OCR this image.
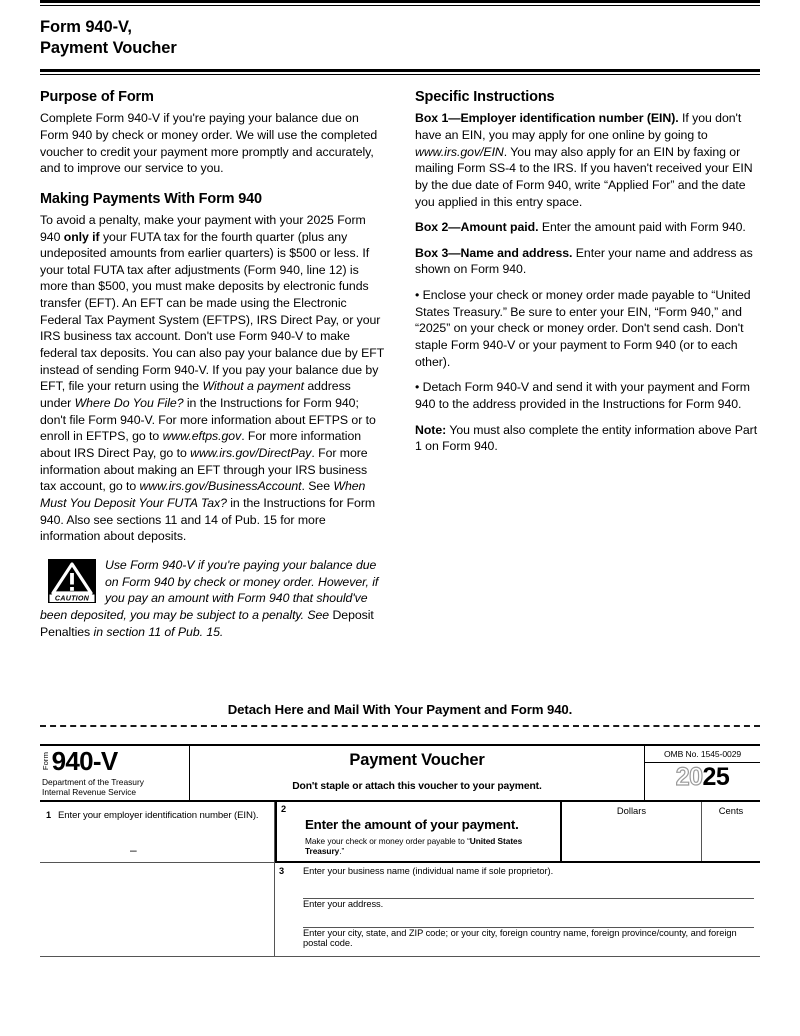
Form 940-V,
Payment Voucher
Purpose of Form

Complete Form 940-V if you're paying your balance due on Form 940 by check or money order. We will use the completed voucher to credit your payment more promptly and accurately, and to improve our service to you.

Making Payments With Form 940

To avoid a penalty, make your payment with your 2025 Form 940 only if your FUTA tax for the fourth quarter (plus any undeposited amounts from earlier quarters) is $500 or less. If your total FUTA tax after adjustments (Form 940, line 12) is more than $500, you must make deposits by electronic funds transfer (EFT). An EFT can be made using the Electronic Federal Tax Payment System (EFTPS), IRS Direct Pay, or your IRS business tax account. Don't use Form 940-V to make federal tax deposits. You can also pay your balance due by EFT instead of sending Form 940-V. If you pay your balance due by EFT, file your return using the Without a payment address under Where Do You File? in the Instructions for Form 940; don't file Form 940-V. For more information about EFTPS or to enroll in EFTPS, go to www.eftps.gov. For more information about IRS Direct Pay, go to www.irs.gov/DirectPay. For more information about making an EFT through your IRS business tax account, go to www.irs.gov/BusinessAccount. See When Must You Deposit Your FUTA Tax? in the Instructions for Form 940. Also see sections 11 and 14 of Pub. 15 for more information about deposits.

CAUTION
Use Form 940-V if you're paying your balance due on Form 940 by check or money order. However, if you pay an amount with Form 940 that should've been deposited, you may be subject to a penalty. See Deposit Penalties in section 11 of Pub. 15.
Specific Instructions

Box 1—Employer identification number (EIN). If you don't have an EIN, you may apply for one online by going to www.irs.gov/EIN. You may also apply for an EIN by faxing or mailing Form SS-4 to the IRS. If you haven't received your EIN by the due date of Form 940, write “Applied For” and the date you applied in this entry space.

Box 2—Amount paid. Enter the amount paid with Form 940.

Box 3—Name and address. Enter your name and address as shown on Form 940.

• Enclose your check or money order made payable to “United States Treasury.” Be sure to enter your EIN, “Form 940,” and “2025” on your check or money order. Don't send cash. Don't staple Form 940-V or your payment to Form 940 (or to each other).

• Detach Form 940-V and send it with your payment and Form 940 to the address provided in the Instructions for Form 940.

Note: You must also complete the entity information above Part 1 on Form 940.

Detach Here and Mail With Your Payment and Form 940.
Form 940-V
Department of the Treasury
Internal Revenue Service
Payment Voucher
Don't staple or attach this voucher to your payment.
OMB No. 1545-0029
2025
1 Enter your employer identification number (EIN).
–
2
Enter the amount of your payment.
Make your check or money order payable to “United States Treasury.”
Dollars	Cents
3	Enter your business name (individual name if sole proprietor).
Enter your address.
Enter your city, state, and ZIP code; or your city, foreign country name, foreign province/county, and foreign postal code.
